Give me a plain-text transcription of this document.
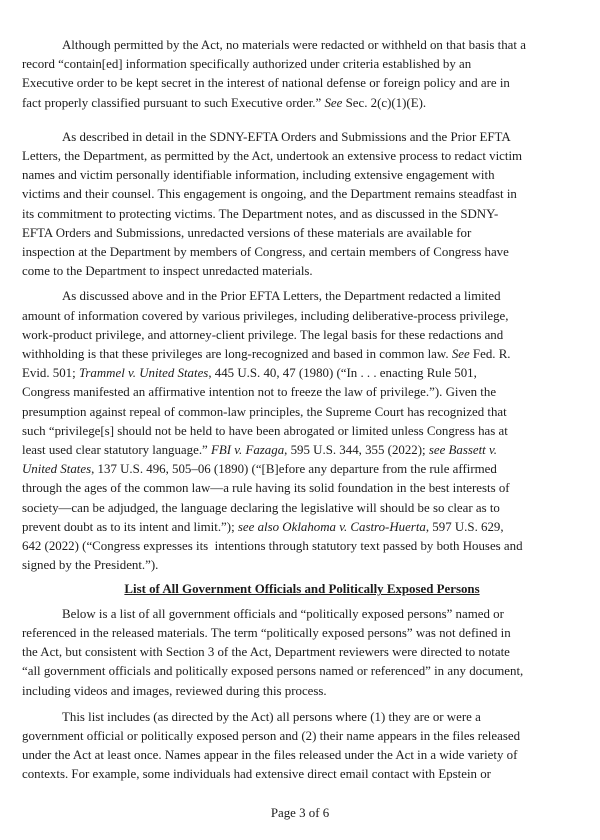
Although permitted by the Act, no materials were redacted or withheld on that basis that a
record “contain[ed] information specifically authorized under criteria established by an
Executive order to be kept secret in the interest of national defense or foreign policy and are in
fact properly classified pursuant to such Executive order.” See Sec. 2(c)(1)(E).
As described in detail in the SDNY-EFTA Orders and Submissions and the Prior EFTA
Letters, the Department, as permitted by the Act, undertook an extensive process to redact victim
names and victim personally identifiable information, including extensive engagement with
victims and their counsel. This engagement is ongoing, and the Department remains steadfast in
its commitment to protecting victims. The Department notes, and as discussed in the SDNY-
EFTA Orders and Submissions, unredacted versions of these materials are available for
inspection at the Department by members of Congress, and certain members of Congress have
come to the Department to inspect unredacted materials.
As discussed above and in the Prior EFTA Letters, the Department redacted a limited
amount of information covered by various privileges, including deliberative-process privilege,
work-product privilege, and attorney-client privilege. The legal basis for these redactions and
withholding is that these privileges are long-recognized and based in common law. See Fed. R.
Evid. 501; Trammel v. United States, 445 U.S. 40, 47 (1980) (“In . . . enacting Rule 501,
Congress manifested an affirmative intention not to freeze the law of privilege.”). Given the
presumption against repeal of common-law principles, the Supreme Court has recognized that
such “privilege[s] should not be held to have been abrogated or limited unless Congress has at
least used clear statutory language.” FBI v. Fazaga, 595 U.S. 344, 355 (2022); see Bassett v.
United States, 137 U.S. 496, 505–06 (1890) (“[B]efore any departure from the rule affirmed
through the ages of the common law—a rule having its solid foundation in the best interests of
society—can be adjudged, the language declaring the legislative will should be so clear as to
prevent doubt as to its intent and limit.”); see also Oklahoma v. Castro-Huerta, 597 U.S. 629,
642 (2022) (“Congress expresses its  intentions through statutory text passed by both Houses and
signed by the President.”).
List of All Government Officials and Politically Exposed Persons
Below is a list of all government officials and “politically exposed persons” named or
referenced in the released materials. The term “politically exposed persons” was not defined in
the Act, but consistent with Section 3 of the Act, Department reviewers were directed to notate
“all government officials and politically exposed persons named or referenced” in any document,
including videos and images, reviewed during this process.
This list includes (as directed by the Act) all persons where (1) they are or were a
government official or politically exposed person and (2) their name appears in the files released
under the Act at least once. Names appear in the files released under the Act in a wide variety of
contexts. For example, some individuals had extensive direct email contact with Epstein or
Page 3 of 6
